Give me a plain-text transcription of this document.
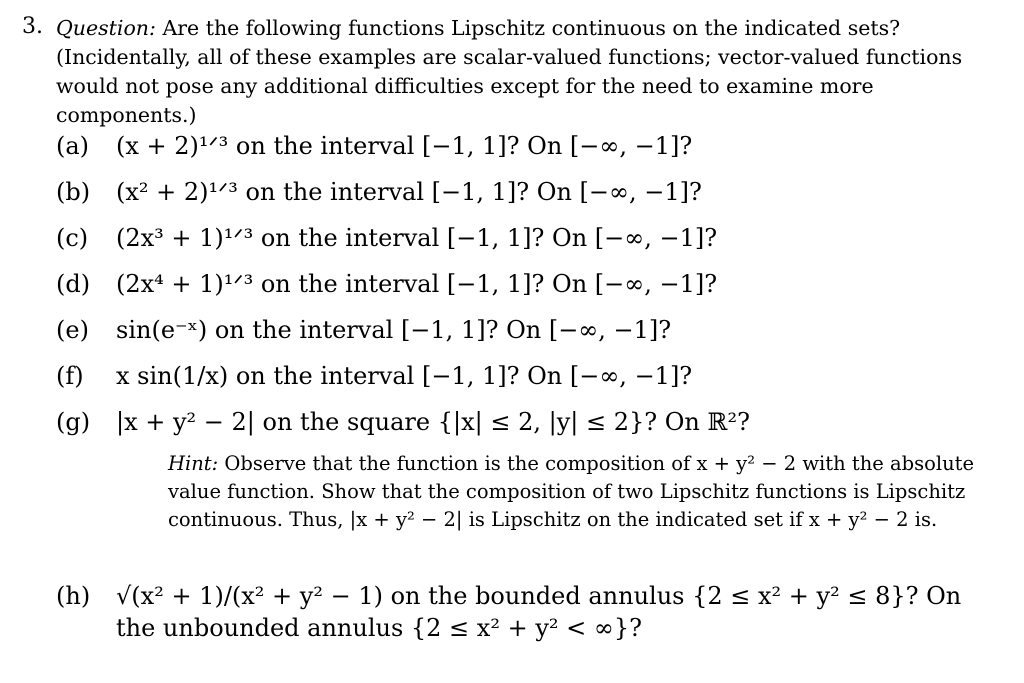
3. Question: Are the following functions Lipschitz continuous on the indicated sets? (Incidentally, all of these examples are scalar-valued functions; vector-valued functions would not pose any additional difficulties except for the need to examine more components.)
(a)	(x + 2)¹ᐟ³ on the interval [−1, 1]? On [−∞, −1]?
(b)	(x² + 2)¹ᐟ³ on the interval [−1, 1]? On [−∞, −1]?
(c)	(2x³ + 1)¹ᐟ³ on the interval [−1, 1]? On [−∞, −1]?
(d)	(2x⁴ + 1)¹ᐟ³ on the interval [−1, 1]? On [−∞, −1]?
(e)	sin(e⁻ˣ) on the interval [−1, 1]? On [−∞, −1]?
(f)	x sin(1/x) on the interval [−1, 1]? On [−∞, −1]?
(g)	|x + y² − 2| on the square {|x| ≤ 2, |y| ≤ 2}? On ℝ²?
Hint: Observe that the function is the composition of x + y² − 2 with the absolute value function. Show that the composition of two Lipschitz functions is Lipschitz continuous. Thus, |x + y² − 2| is Lipschitz on the indicated set if x + y² − 2 is.
(h)	√(x² + 1)/(x² + y² − 1) on the bounded annulus {2 ≤ x² + y² ≤ 8}? On the unbounded annulus {2 ≤ x² + y² < ∞}?
